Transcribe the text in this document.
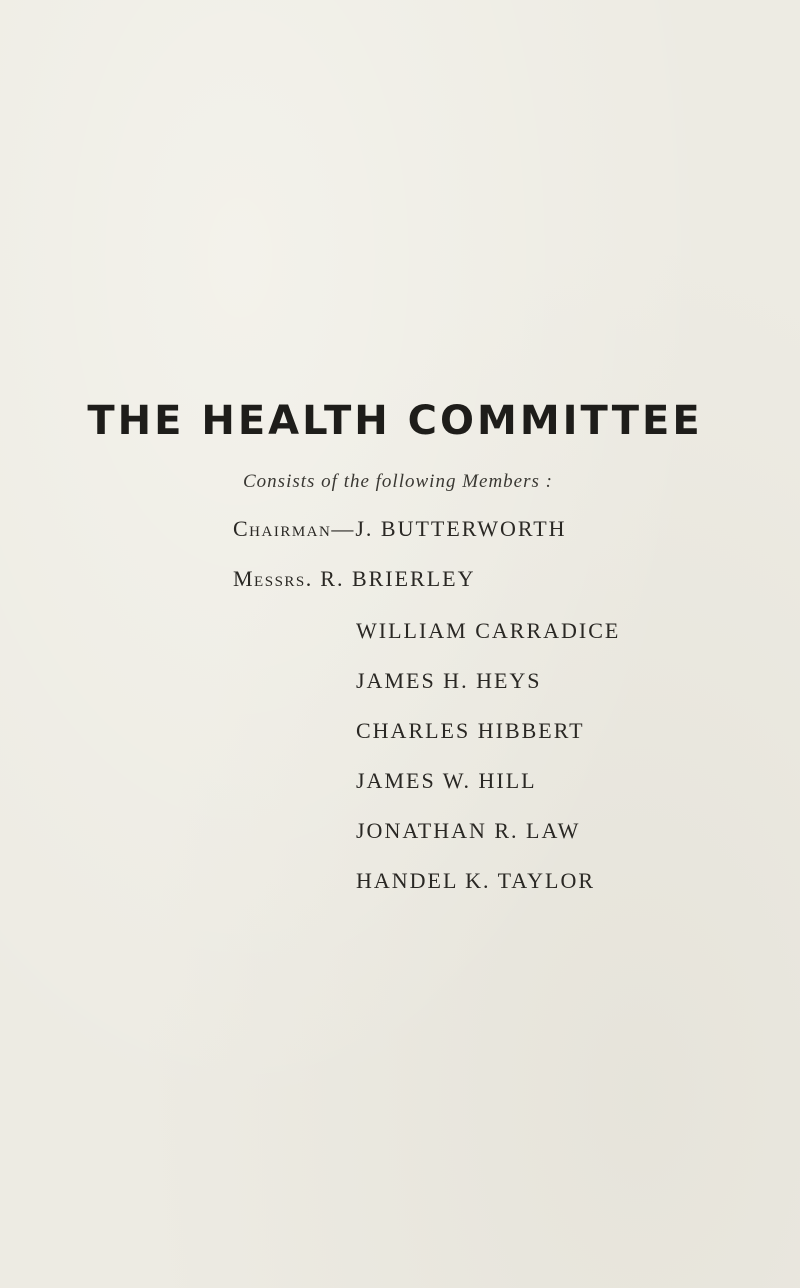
THE HEALTH COMMITTEE
Consists of the following Members :
Chairman—J. BUTTERWORTH
Messrs. R. BRIERLEY
WILLIAM CARRADICE
JAMES H. HEYS
CHARLES HIBBERT
JAMES W. HILL
JONATHAN R. LAW
HANDEL K. TAYLOR
